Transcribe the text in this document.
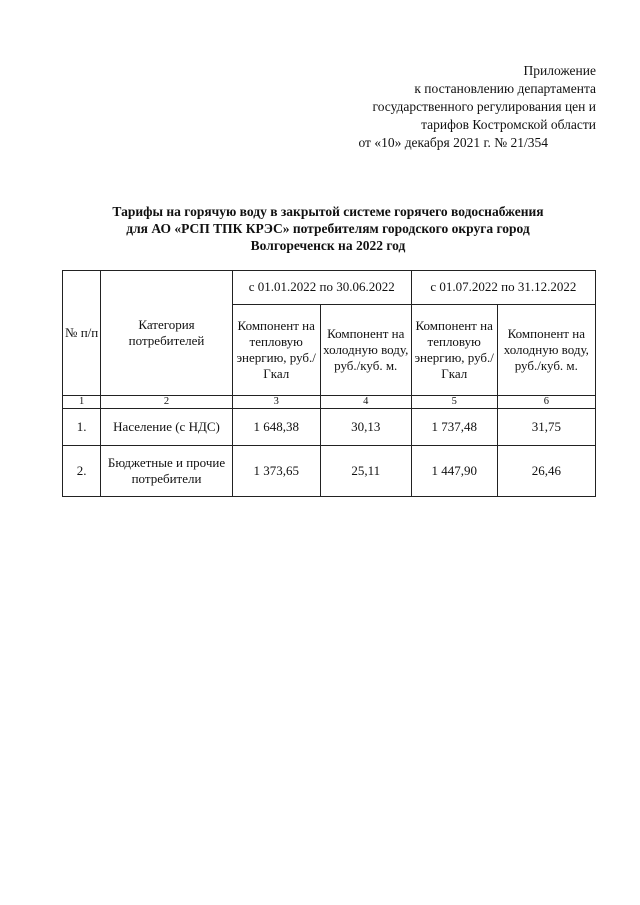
Приложение
к постановлению департамента
государственного регулирования цен и
тарифов Костромской области
от «10» декабря 2021 г. № 21/354
Тарифы на горячую воду в закрытой системе горячего водоснабжения
для АО «РСП ТПК КРЭС» потребителям городского округа город
Волгореченск на 2022 год
№ п/п	Категория потребителей	с 01.01.2022 по 30.06.2022		с 01.07.2022 по 31.12.2022	
		Компонент на тепловую энергию, руб./Гкал	Компонент на холодную воду, руб./куб. м.	Компонент на тепловую энергию, руб./Гкал	Компонент на холодную воду, руб./куб. м.
1	2	3	4	5	6
1.	Население (с НДС)	1 648,38	30,13	1 737,48	31,75
2.	Бюджетные и прочие потребители	1 373,65	25,11	1 447,90	26,46
